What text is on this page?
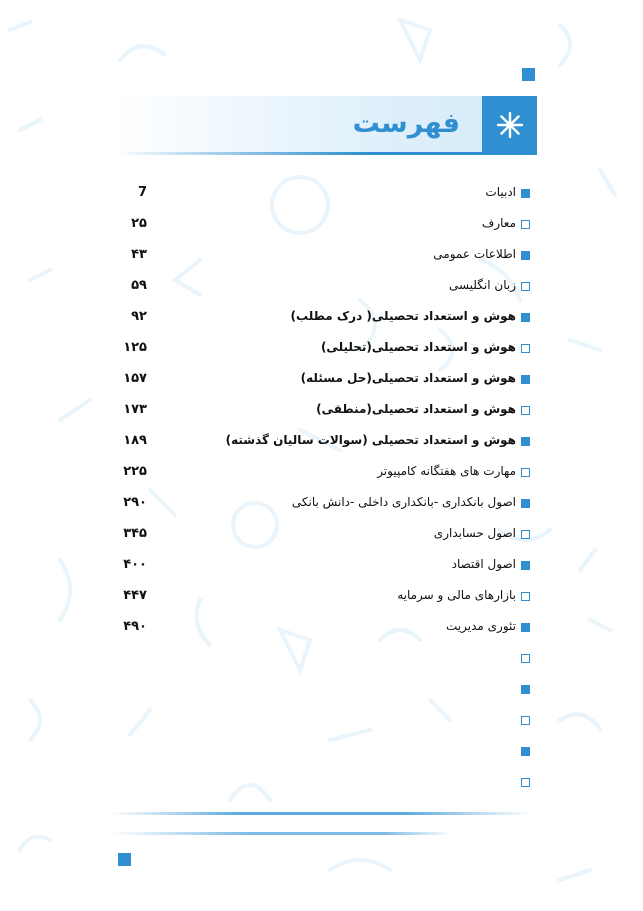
فهرست
ادبیات
7
معارف
۲۵
اطلاعات عمومی
۴۳
زبان انگلیسی
۵۹
هوش و استعداد تحصیلی( درک مطلب)
۹۲
هوش و استعداد تحصیلی(تحلیلی)
۱۲۵
هوش و استعداد تحصیلی(حل مسئله)
۱۵۷
هوش و استعداد تحصیلی(منطقی)
۱۷۳
هوش و استعداد تحصیلی (سوالات سالیان گذشته)
۱۸۹
مهارت های هفتگانه کامپیوتر
۲۲۵
اصول بانکداری -بانکداری داخلی -دانش بانکی
۲۹۰
اصول حسابداری
۳۴۵
اصول اقتصاد
۴۰۰
بازارهای مالی و سرمایه
۴۴۷
تئوری مدیریت
۴۹۰
